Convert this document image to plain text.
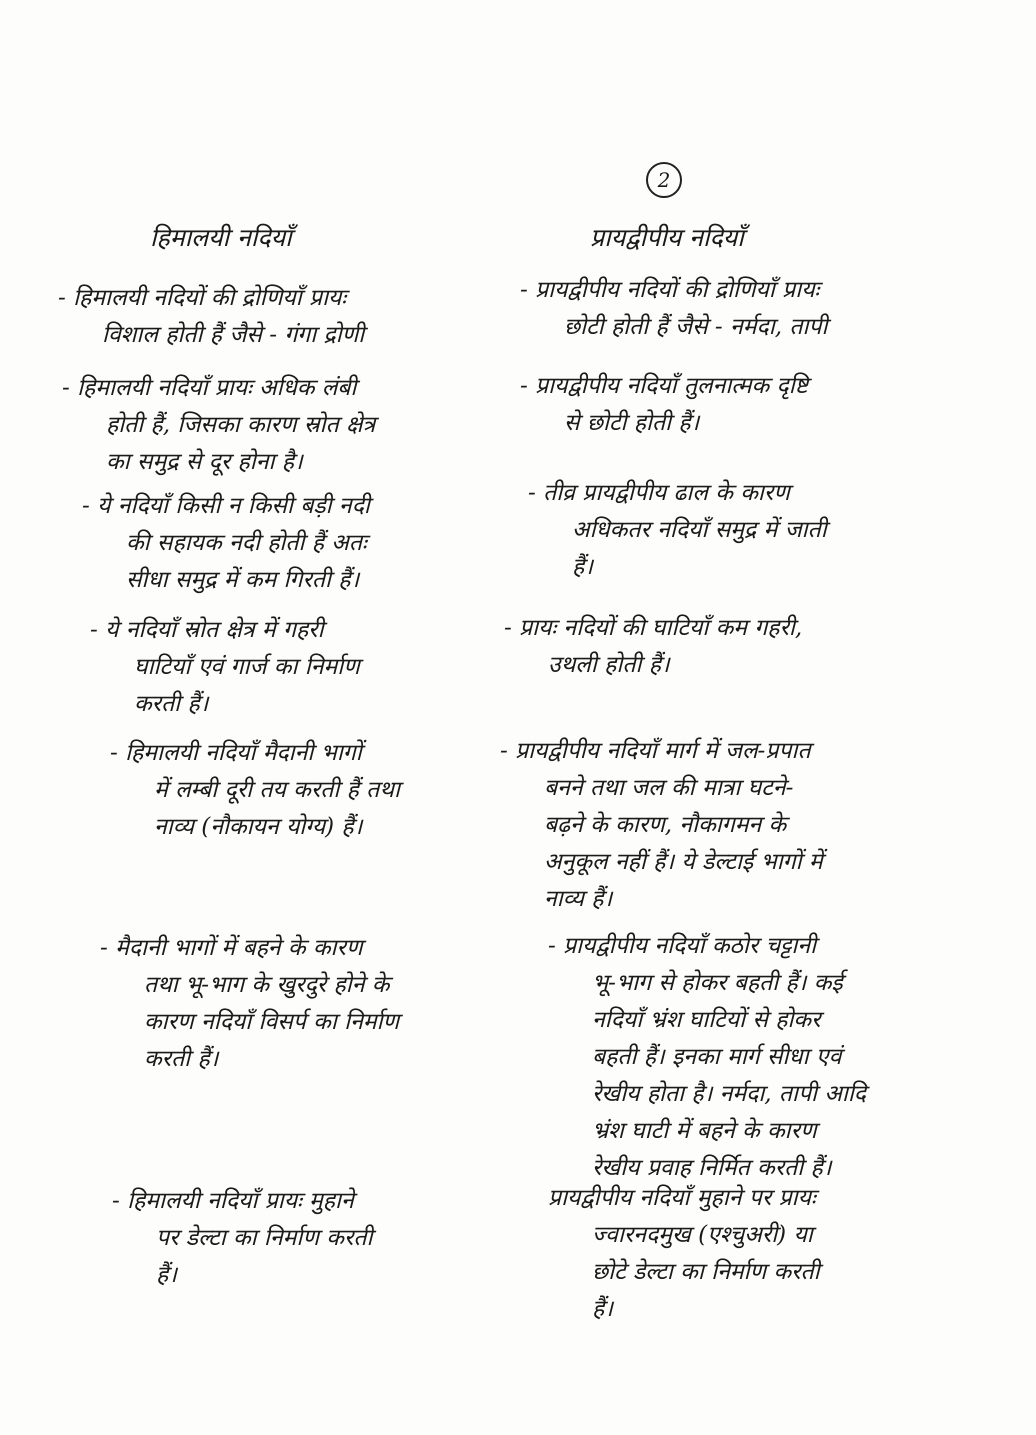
2
हिमालयी नदियाँ	प्रायद्वीपीय नदियाँ
- हिमालयी नदियों की द्रोणियाँ प्रायः
विशाल होती हैं जैसे - गंगा द्रोणी
- हिमालयी नदियाँ प्रायः अधिक लंबी
होती हैं, जिसका कारण स्रोत क्षेत्र
का समुद्र से दूर होना है।
- ये नदियाँ किसी न किसी बड़ी नदी
की सहायक नदी होती हैं अतः
सीधा समुद्र में कम गिरती हैं।
- ये नदियाँ स्रोत क्षेत्र में गहरी
घाटियाँ एवं गार्ज का निर्माण
करती हैं।
- हिमालयी नदियाँ मैदानी भागों
में लम्बी दूरी तय करती हैं तथा
नाव्य (नौकायन योग्य) हैं।
- मैदानी भागों में बहने के कारण
तथा भू-भाग के खुरदुरे होने के
कारण नदियाँ विसर्प का निर्माण
करती हैं।
- हिमालयी नदियाँ प्रायः मुहाने
पर डेल्टा का निर्माण करती
हैं।
- प्रायद्वीपीय नदियों की द्रोणियाँ प्रायः
छोटी होती हैं जैसे - नर्मदा, तापी
- प्रायद्वीपीय नदियाँ तुलनात्मक दृष्टि
से छोटी होती हैं।
- तीव्र प्रायद्वीपीय ढाल के कारण
अधिकतर नदियाँ समुद्र में जाती
हैं।
- प्रायः नदियों की घाटियाँ कम गहरी,
उथली होती हैं।
- प्रायद्वीपीय नदियाँ मार्ग में जल-प्रपात
बनने तथा जल की मात्रा घटने-
बढ़ने के कारण, नौकागमन के
अनुकूल नहीं हैं। ये डेल्टाई भागों में
नाव्य हैं।
- प्रायद्वीपीय नदियाँ कठोर चट्टानी
भू-भाग से होकर बहती हैं। कई
नदियाँ भ्रंश घाटियों से होकर
बहती हैं। इनका मार्ग सीधा एवं
रेखीय होता है। नर्मदा, तापी आदि
भ्रंश घाटी में बहने के कारण
रेखीय प्रवाह निर्मित करती हैं।
प्रायद्वीपीय नदियाँ मुहाने पर प्रायः
ज्वारनदमुख (एश्चुअरी) या
छोटे डेल्टा का निर्माण करती
हैं।
